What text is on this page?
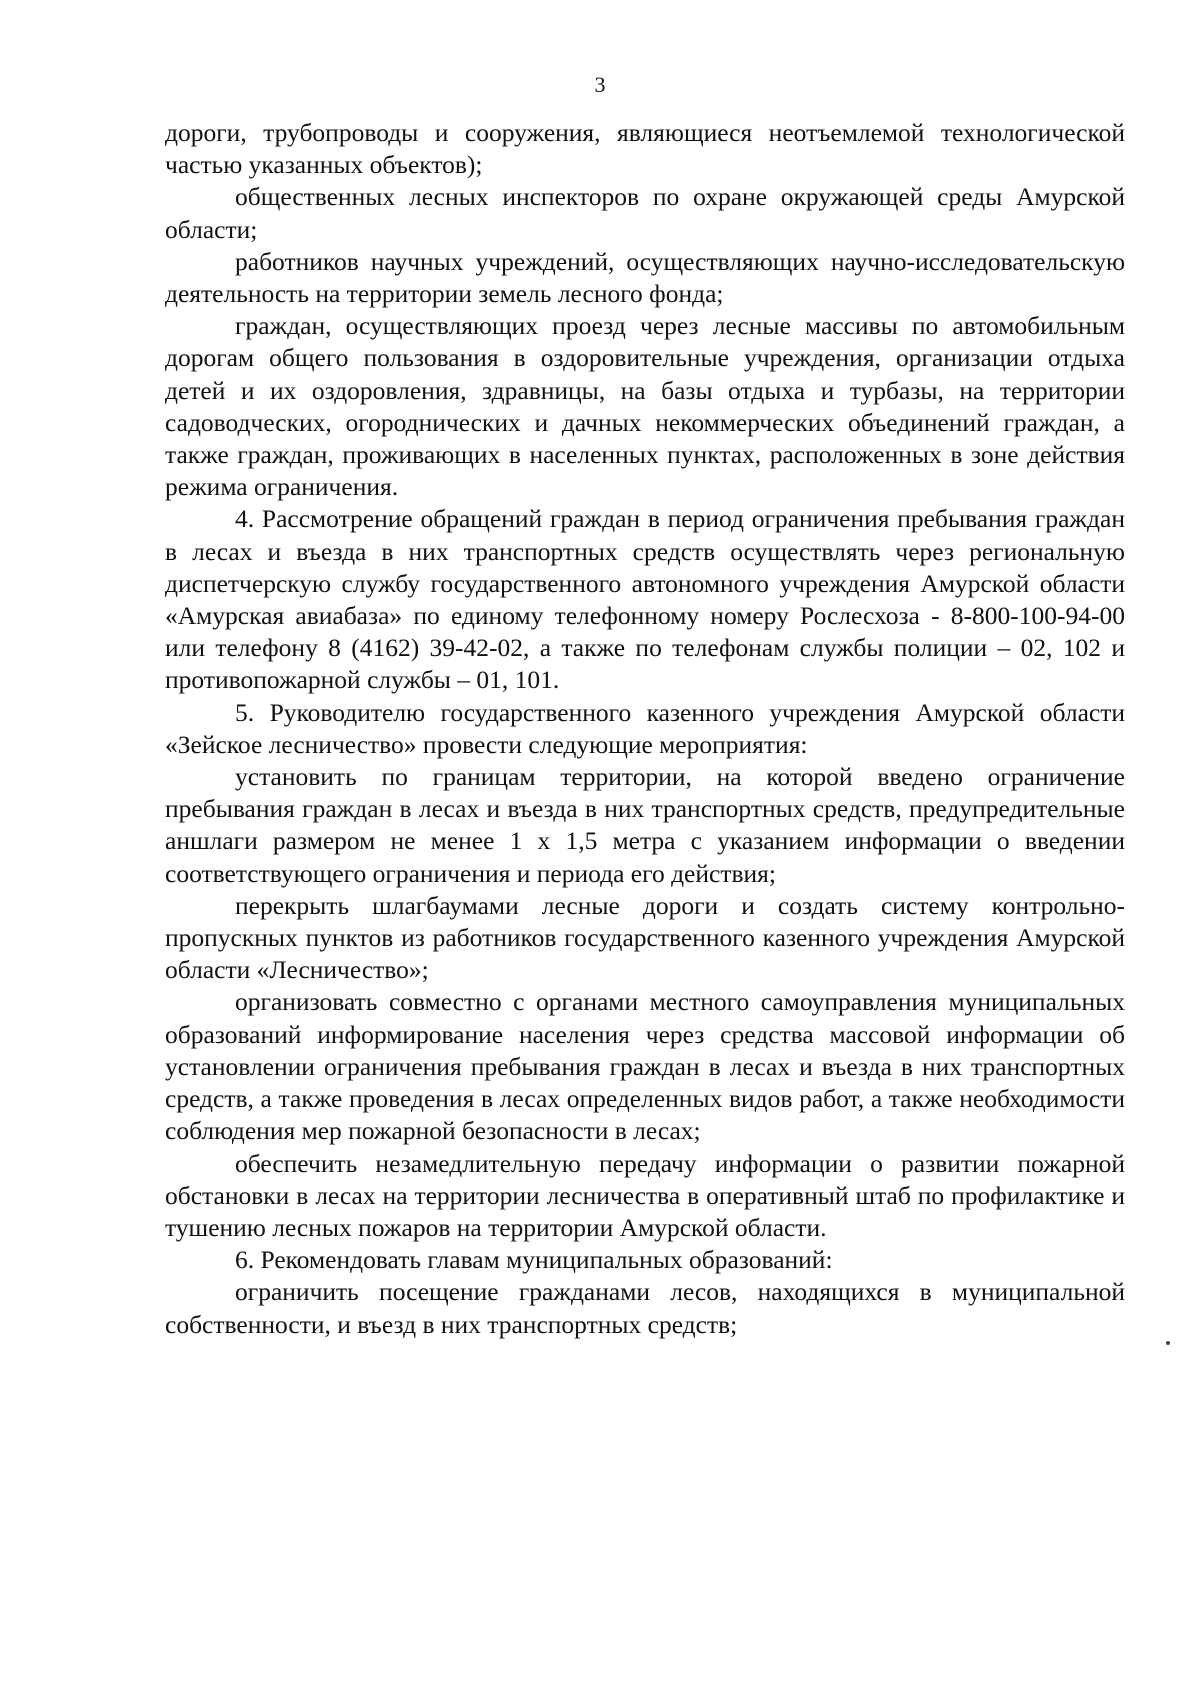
3

дороги, трубопроводы и сооружения, являющиеся неотъемлемой технологической частью указанных объектов);

общественных лесных инспекторов по охране окружающей среды Амурской области;

работников научных учреждений, осуществляющих научно-исследовательскую деятельность на территории земель лесного фонда;

граждан, осуществляющих проезд через лесные массивы по автомобильным дорогам общего пользования в оздоровительные учреждения, организации отдыха детей и их оздоровления, здравницы, на базы отдыха и турбазы, на территории садоводческих, огороднических и дачных некоммерческих объединений граждан, а также граждан, проживающих в населенных пунктах, расположенных в зоне действия режима ограничения.

4. Рассмотрение обращений граждан в период ограничения пребывания граждан в лесах и въезда в них транспортных средств осуществлять через региональную диспетчерскую службу государственного автономного учреждения Амурской области «Амурская авиабаза» по единому телефонному номеру Рослесхоза - 8-800-100-94-00 или телефону 8 (4162) 39-42-02, а также по телефонам службы полиции – 02, 102 и противопожарной службы – 01, 101.

5. Руководителю государственного казенного учреждения Амурской области «Зейское лесничество» провести следующие мероприятия:

установить по границам территории, на которой введено ограничение пребывания граждан в лесах и въезда в них транспортных средств, предупредительные аншлаги размером не менее 1 х 1,5 метра с указанием информации о введении соответствующего ограничения и периода его действия;

перекрыть шлагбаумами лесные дороги и создать систему контрольно-пропускных пунктов из работников государственного казенного учреждения Амурской области «Лесничество»;

организовать совместно с органами местного самоуправления муниципальных образований информирование населения через средства массовой информации об установлении ограничения пребывания граждан в лесах и въезда в них транспортных средств, а также проведения в лесах определенных видов работ, а также необходимости соблюдения мер пожарной безопасности в лесах;

обеспечить незамедлительную передачу информации о развитии пожарной обстановки в лесах на территории лесничества в оперативный штаб по профилактике и тушению лесных пожаров на территории Амурской области.

6. Рекомендовать главам муниципальных образований:

ограничить посещение гражданами лесов, находящихся в муниципальной собственности, и въезд в них транспортных средств;
